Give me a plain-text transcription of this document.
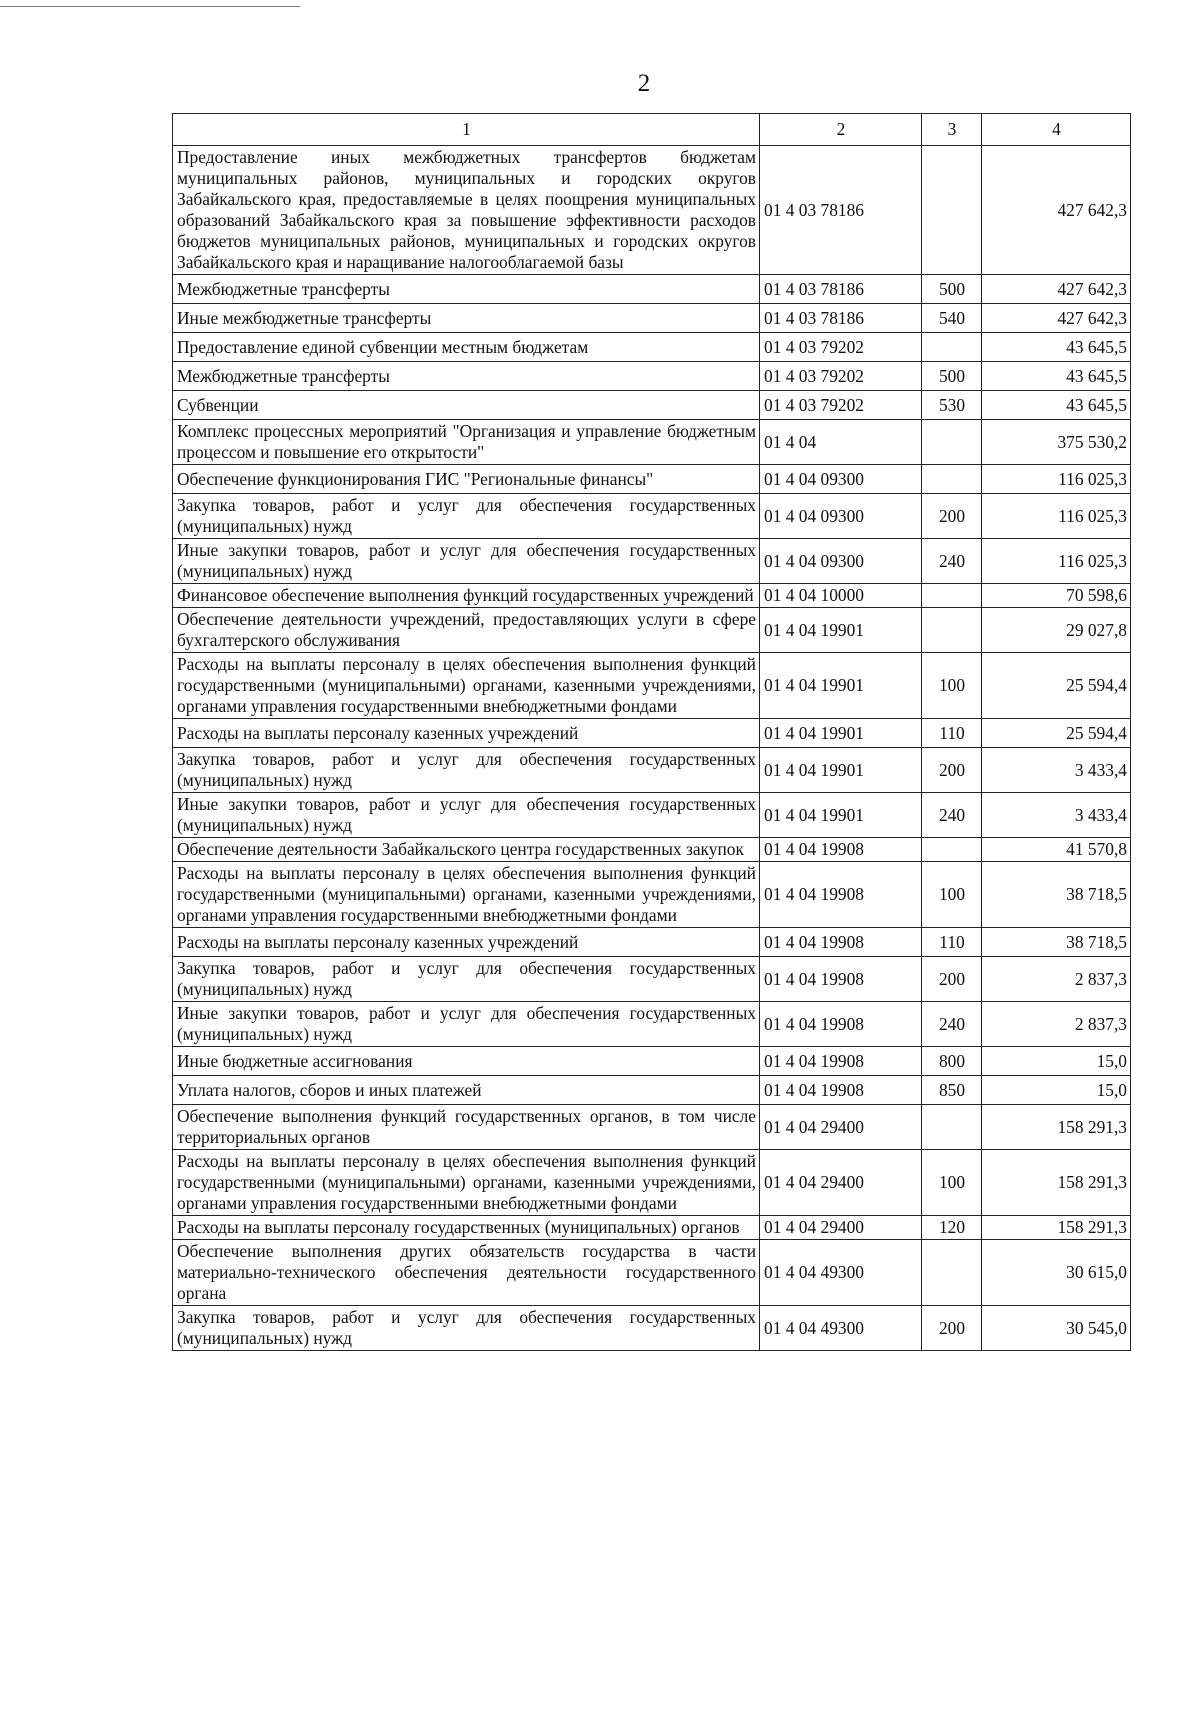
2
1	2	3	4
Предоставление иных межбюджетных трансфертов бюджетам муниципальных районов, муниципальных и городских округов Забайкальского края, предоставляемые в целях поощрения муниципальных образований Забайкальского края за повышение эффективности расходов бюджетов муниципальных районов, муниципальных и городских округов Забайкальского края и наращивание налогооблагаемой базы	01 4 03 78186		427 642,3
Межбюджетные трансферты	01 4 03 78186	500	427 642,3
Иные межбюджетные трансферты	01 4 03 78186	540	427 642,3
Предоставление единой субвенции местным бюджетам	01 4 03 79202		43 645,5
Межбюджетные трансферты	01 4 03 79202	500	43 645,5
Субвенции	01 4 03 79202	530	43 645,5
Комплекс процессных мероприятий "Организация и управление бюджетным процессом и повышение его открытости"	01 4 04		375 530,2
Обеспечение функционирования ГИС "Региональные финансы"	01 4 04 09300		116 025,3
Закупка товаров, работ и услуг для обеспечения государственных (муниципальных) нужд	01 4 04 09300	200	116 025,3
Иные закупки товаров, работ и услуг для обеспечения государственных (муниципальных) нужд	01 4 04 09300	240	116 025,3
Финансовое обеспечение выполнения функций государственных учреждений	01 4 04 10000		70 598,6
Обеспечение деятельности учреждений, предоставляющих услуги в сфере бухгалтерского обслуживания	01 4 04 19901		29 027,8
Расходы на выплаты персоналу в целях обеспечения выполнения функций государственными (муниципальными) органами, казенными учреждениями, органами управления государственными внебюджетными фондами	01 4 04 19901	100	25 594,4
Расходы на выплаты персоналу казенных учреждений	01 4 04 19901	110	25 594,4
Закупка товаров, работ и услуг для обеспечения государственных (муниципальных) нужд	01 4 04 19901	200	3 433,4
Иные закупки товаров, работ и услуг для обеспечения государственных (муниципальных) нужд	01 4 04 19901	240	3 433,4
Обеспечение деятельности Забайкальского центра государственных закупок	01 4 04 19908		41 570,8
Расходы на выплаты персоналу в целях обеспечения выполнения функций государственными (муниципальными) органами, казенными учреждениями, органами управления государственными внебюджетными фондами	01 4 04 19908	100	38 718,5
Расходы на выплаты персоналу казенных учреждений	01 4 04 19908	110	38 718,5
Закупка товаров, работ и услуг для обеспечения государственных (муниципальных) нужд	01 4 04 19908	200	2 837,3
Иные закупки товаров, работ и услуг для обеспечения государственных (муниципальных) нужд	01 4 04 19908	240	2 837,3
Иные бюджетные ассигнования	01 4 04 19908	800	15,0
Уплата налогов, сборов и иных платежей	01 4 04 19908	850	15,0
Обеспечение выполнения функций государственных органов, в том числе территориальных органов	01 4 04 29400		158 291,3
Расходы на выплаты персоналу в целях обеспечения выполнения функций государственными (муниципальными) органами, казенными учреждениями, органами управления государственными внебюджетными фондами	01 4 04 29400	100	158 291,3
Расходы на выплаты персоналу государственных (муниципальных) органов	01 4 04 29400	120	158 291,3
Обеспечение выполнения других обязательств государства в части материально-технического обеспечения деятельности государственного органа	01 4 04 49300		30 615,0
Закупка товаров, работ и услуг для обеспечения государственных (муниципальных) нужд	01 4 04 49300	200	30 545,0
